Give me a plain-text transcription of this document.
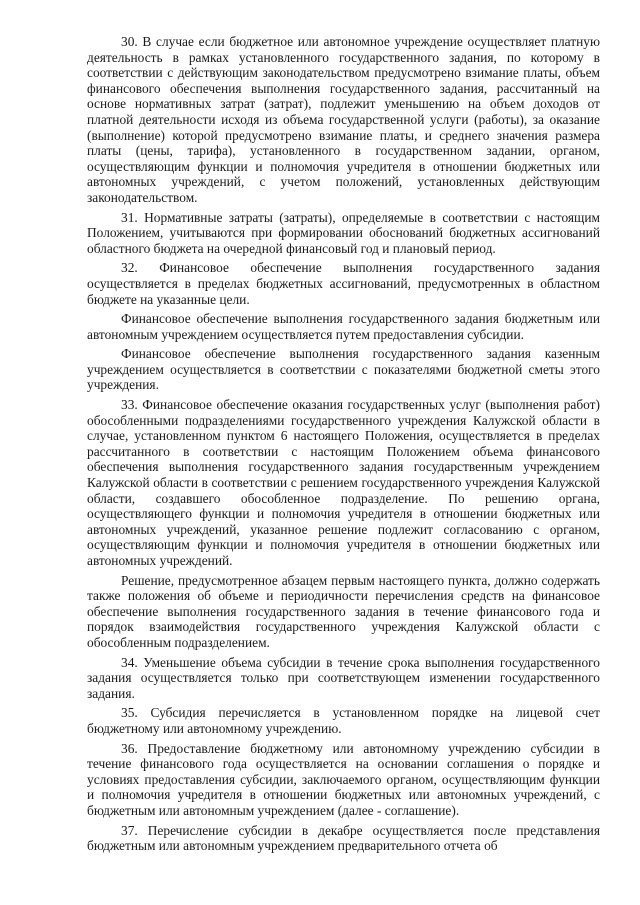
30. В случае если бюджетное или автономное учреждение осуществляет платную деятельность в рамках установленного государственного задания, по которому в соответствии с действующим законодательством предусмотрено взимание платы, объем финансового обеспечения выполнения государственного задания, рассчитанный на основе нормативных затрат (затрат), подлежит уменьшению на объем доходов от платной деятельности исходя из объема государственной услуги (работы), за оказание (выполнение) которой предусмотрено взимание платы, и среднего значения размера платы (цены, тарифа), установленного в государственном задании, органом, осуществляющим функции и полномочия учредителя в отношении бюджетных или автономных учреждений, с учетом положений, установленных действующим законодательством.

31. Нормативные затраты (затраты), определяемые в соответствии с настоящим Положением, учитываются при формировании обоснований бюджетных ассигнований областного бюджета на очередной финансовый год и плановый период.

32. Финансовое обеспечение выполнения государственного задания осуществляется в пределах бюджетных ассигнований, предусмотренных в областном бюджете на указанные цели.

Финансовое обеспечение выполнения государственного задания бюджетным или автономным учреждением осуществляется путем предоставления субсидии.

Финансовое обеспечение выполнения государственного задания казенным учреждением осуществляется в соответствии с показателями бюджетной сметы этого учреждения.

33. Финансовое обеспечение оказания государственных услуг (выполнения работ) обособленными подразделениями государственного учреждения Калужской области в случае, установленном пунктом 6 настоящего Положения, осуществляется в пределах рассчитанного в соответствии с настоящим Положением объема финансового обеспечения выполнения государственного задания государственным учреждением Калужской области в соответствии с решением государственного учреждения Калужской области, создавшего обособленное подразделение. По решению органа, осуществляющего функции и полномочия учредителя в отношении бюджетных или автономных учреждений, указанное решение подлежит согласованию с органом, осуществляющим функции и полномочия учредителя в отношении бюджетных или автономных учреждений.

Решение, предусмотренное абзацем первым настоящего пункта, должно содержать также положения об объеме и периодичности перечисления средств на финансовое обеспечение выполнения государственного задания в течение финансового года и порядок взаимодействия государственного учреждения Калужской области с обособленным подразделением.

34. Уменьшение объема субсидии в течение срока выполнения государственного задания осуществляется только при соответствующем изменении государственного задания.

35. Субсидия перечисляется в установленном порядке на лицевой счет бюджетному или автономному учреждению.

36. Предоставление бюджетному или автономному учреждению субсидии в течение финансового года осуществляется на основании соглашения о порядке и условиях предоставления субсидии, заключаемого органом, осуществляющим функции и полномочия учредителя в отношении бюджетных или автономных учреждений, с бюджетным или автономным учреждением (далее - соглашение).

37. Перечисление субсидии в декабре осуществляется после представления бюджетным или автономным учреждением предварительного отчета об
